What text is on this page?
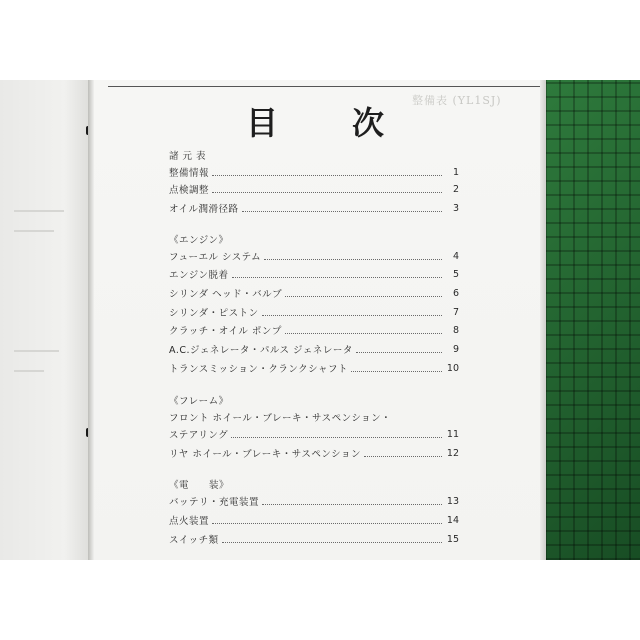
整備表 (YL1SJ)
目 次
諸 元 表
整備情報	1
点検調整	2
オイル潤滑径路	3
《エンジン》
フューエル システム	4
エンジン脱着	5
シリンダ ヘッド・バルブ	6
シリンダ・ピストン	7
クラッチ・オイル ポンプ	8
A.C.ジェネレータ・パルス ジェネレータ	9
トランスミッション・クランクシャフト	10
《フレーム》
フロント ホイール・ブレーキ・サスペンション・
ステアリング	11
リヤ ホイール・ブレーキ・サスペンション	12
《電　　装》
バッテリ・充電装置	13
点火装置	14
スイッチ類	15
